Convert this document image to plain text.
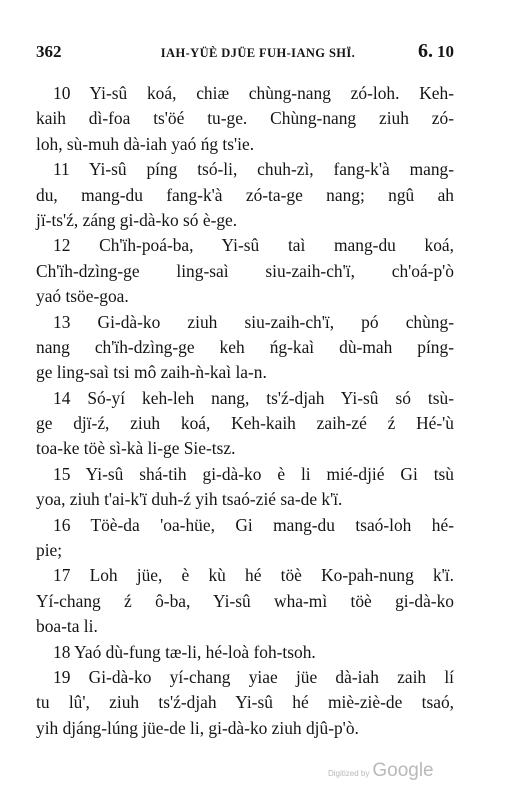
362	IAH-YÜÈ DJÜE FUH-IANG SHÏ.	6. 10
10 Yi-sû koá, chiæ chùng-nang zó-loh. Keh-
kaih dì-foa ts'öé tu-ge. Chùng-nang ziuh zó-
loh, sù-muh dà-iah yaó ńg ts'ie.
11 Yi-sû píng tsó-li, chuh-zì, fang-k'à mang-
du, mang-du fang-k'à zó-ta-ge nang; ngû ah
jï-ts'ź, záng gi-dà-ko só è-ge.
12 Ch'ïh-poá-ba, Yi-sû taì mang-du koá,
Ch'ïh-dzìng-ge ling-saì siu-zaih-ch'ï, ch'oá-p'ò
yaó tsöe-goa.
13 Gi-dà-ko ziuh siu-zaih-ch'ï, pó chùng-
nang ch'ïh-dzìng-ge keh ńg-kaì dù-mah píng-
ge ling-saì tsi mô zaih-ǹ-kaì la-n.
14 Só-yí keh-leh nang, ts'ź-djah Yi-sû só tsù-
ge djï-ź, ziuh koá, Keh-kaih zaih-zé ź Hé-'ù
toa-ke töè sì-kà li-ge Sie-tsz.
15 Yi-sû shá-tih gi-dà-ko è li mié-djié Gi tsù
yoa, ziuh t'ai-k'ï duh-ź yih tsaó-zié sa-de k'ï.
16 Töè-da 'oa-hüe, Gi mang-du tsaó-loh hé-
pie;
17 Loh jüe, è kù hé töè Ko-pah-nung k'ï.
Yí-chang ź ô-ba, Yi-sû wha-mì töè gi-dà-ko
boa-ta li.
18 Yaó dù-fung tæ-li, hé-loà foh-tsoh.
19 Gi-dà-ko yí-chang yiae jüe dà-iah zaih lí
tu lû', ziuh ts'ź-djah Yi-sû hé miè-ziè-de tsaó,
yih djáng-lúng jüe-de li, gi-dà-ko ziuh djû-p'ò.
Digitized by Google
